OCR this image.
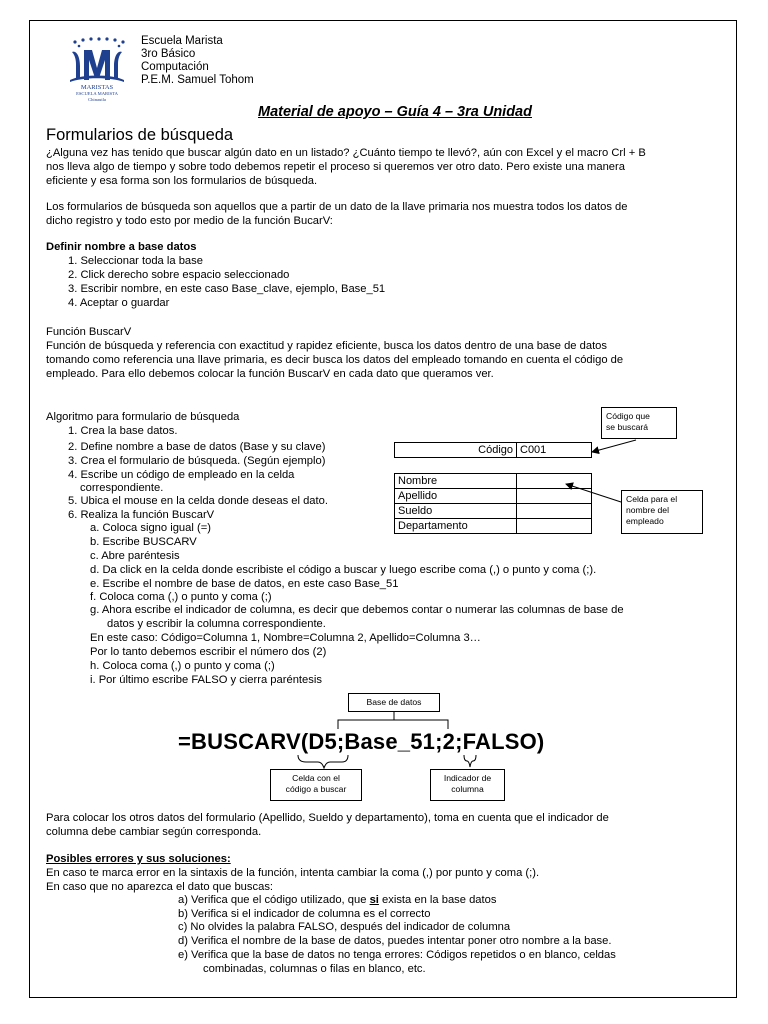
MARISTAS
ESCUELA MARISTA
Chinautla
Escuela Marista
3ro Básico
Computación
P.E.M. Samuel Tohom
Material de apoyo – Guía 4 – 3ra Unidad
Formularios de búsqueda
¿Alguna vez has tenido que buscar algún dato en un listado? ¿Cuánto tiempo te llevó?, aún con Excel y el macro Crl + B
nos lleva algo de tiempo y sobre todo debemos repetir el proceso si queremos ver otro dato. Pero existe una manera
eficiente y esa forma son los formularios de búsqueda.
Los formularios de búsqueda son aquellos que a partir de un dato de la llave primaria nos muestra todos los datos de
dicho registro y todo esto por medio de la función BucarV:
Definir nombre a base datos
1. Seleccionar toda la base
2. Click derecho sobre espacio seleccionado
3. Escribir nombre, en este caso Base_clave, ejemplo, Base_51
4. Aceptar o guardar
Función BuscarV
Función de búsqueda y referencia con exactitud y rapidez eficiente, busca los datos dentro de una base de datos
tomando como referencia una llave primaria, es decir busca los datos del empleado tomando en cuenta el código de
empleado. Para ello debemos colocar la función BuscarV en cada dato que queramos ver.
Algoritmo para formulario de búsqueda
1. Crea la base datos.
2. Define nombre a base de datos (Base y su clave)
3. Crea el formulario de búsqueda. (Según ejemplo)
4. Escribe un código de empleado en la celda
correspondiente.
5. Ubica el mouse en la celda donde deseas el dato.
6. Realiza la función BuscarV
a. Coloca signo igual (=)
b. Escribe BUSCARV
c. Abre paréntesis
d. Da click en la celda donde escribiste el código a buscar y luego escribe coma (,) o punto y coma (;).
e. Escribe el nombre de base de datos, en este caso Base_51
f. Coloca coma (,) o punto y coma (;)
g. Ahora escribe el indicador de columna, es decir que debemos contar o numerar las columnas de base de
datos y escribir la columna correspondiente.
En este caso: Código=Columna 1, Nombre=Columna 2, Apellido=Columna 3…
Por lo tanto debemos escribir el número dos (2)
h. Coloca coma (,) o punto y coma (;)
i. Por último escribe FALSO y cierra paréntesis
Código	C001
Nombre	
Apellido	
Sueldo	
Departamento	
Código que
se buscará
Celda para el
nombre del
empleado
Base de datos
Celda con el
código a buscar
Indicador de
columna
=BUSCARV(D5;Base_51;2;FALSO)
Para colocar los otros datos del formulario (Apellido, Sueldo y departamento), toma en cuenta que el indicador de
columna debe cambiar según corresponda.
Posibles errores y sus soluciones:
En caso te marca error en la sintaxis de la función, intenta cambiar la coma (,) por punto y coma (;).
En caso que no aparezca el dato que buscas:
a) Verifica que el código utilizado, que si exista en la base datos
b) Verifica si el indicador de columna es el correcto
c) No olvides la palabra FALSO, después del indicador de columna
d) Verifica el nombre de la base de datos, puedes intentar poner otro nombre a la base.
e) Verifica que la base de datos no tenga errores: Códigos repetidos o en blanco, celdas
combinadas, columnas o filas en blanco, etc.
